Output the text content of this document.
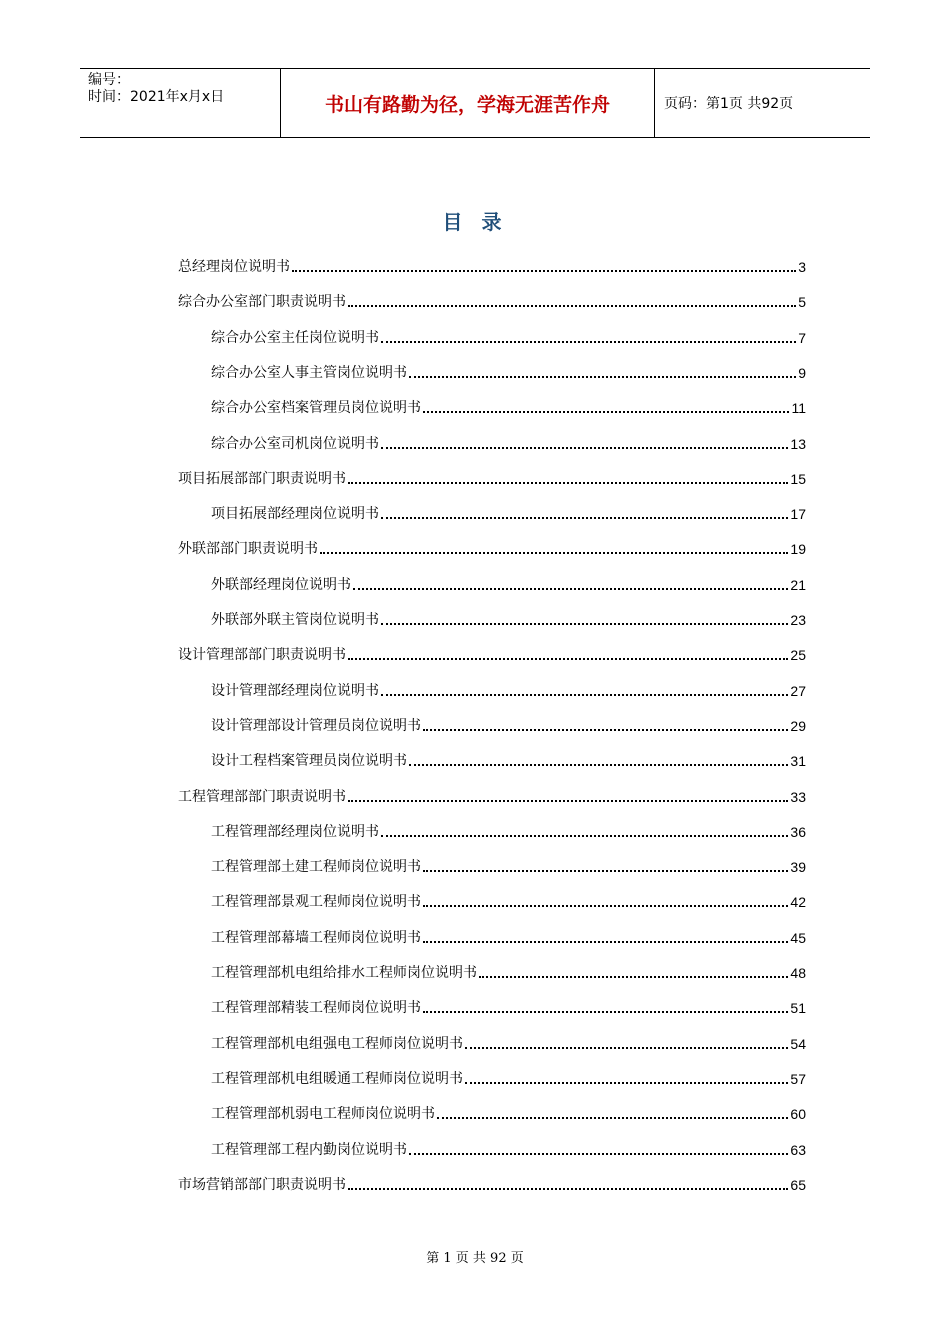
编号：
时间：2021年x月x日	书山有路勤为径，学海无涯苦作舟	页码：第1页 共92页
目 录
总经理岗位说明书	3
综合办公室部门职责说明书	5
综合办公室主任岗位说明书	7
综合办公室人事主管岗位说明书	9
综合办公室档案管理员岗位说明书	11
综合办公室司机岗位说明书	13
项目拓展部部门职责说明书	15
项目拓展部经理岗位说明书	17
外联部部门职责说明书	19
外联部经理岗位说明书	21
外联部外联主管岗位说明书	23
设计管理部部门职责说明书	25
设计管理部经理岗位说明书	27
设计管理部设计管理员岗位说明书	29
设计工程档案管理员岗位说明书	31
工程管理部部门职责说明书	33
工程管理部经理岗位说明书	36
工程管理部土建工程师岗位说明书	39
工程管理部景观工程师岗位说明书	42
工程管理部幕墙工程师岗位说明书	45
工程管理部机电组给排水工程师岗位说明书	48
工程管理部精装工程师岗位说明书	51
工程管理部机电组强电工程师岗位说明书	54
工程管理部机电组暖通工程师岗位说明书	57
工程管理部机弱电工程师岗位说明书	60
工程管理部工程内勤岗位说明书	63
市场营销部部门职责说明书	65
第 1 页 共 92 页
